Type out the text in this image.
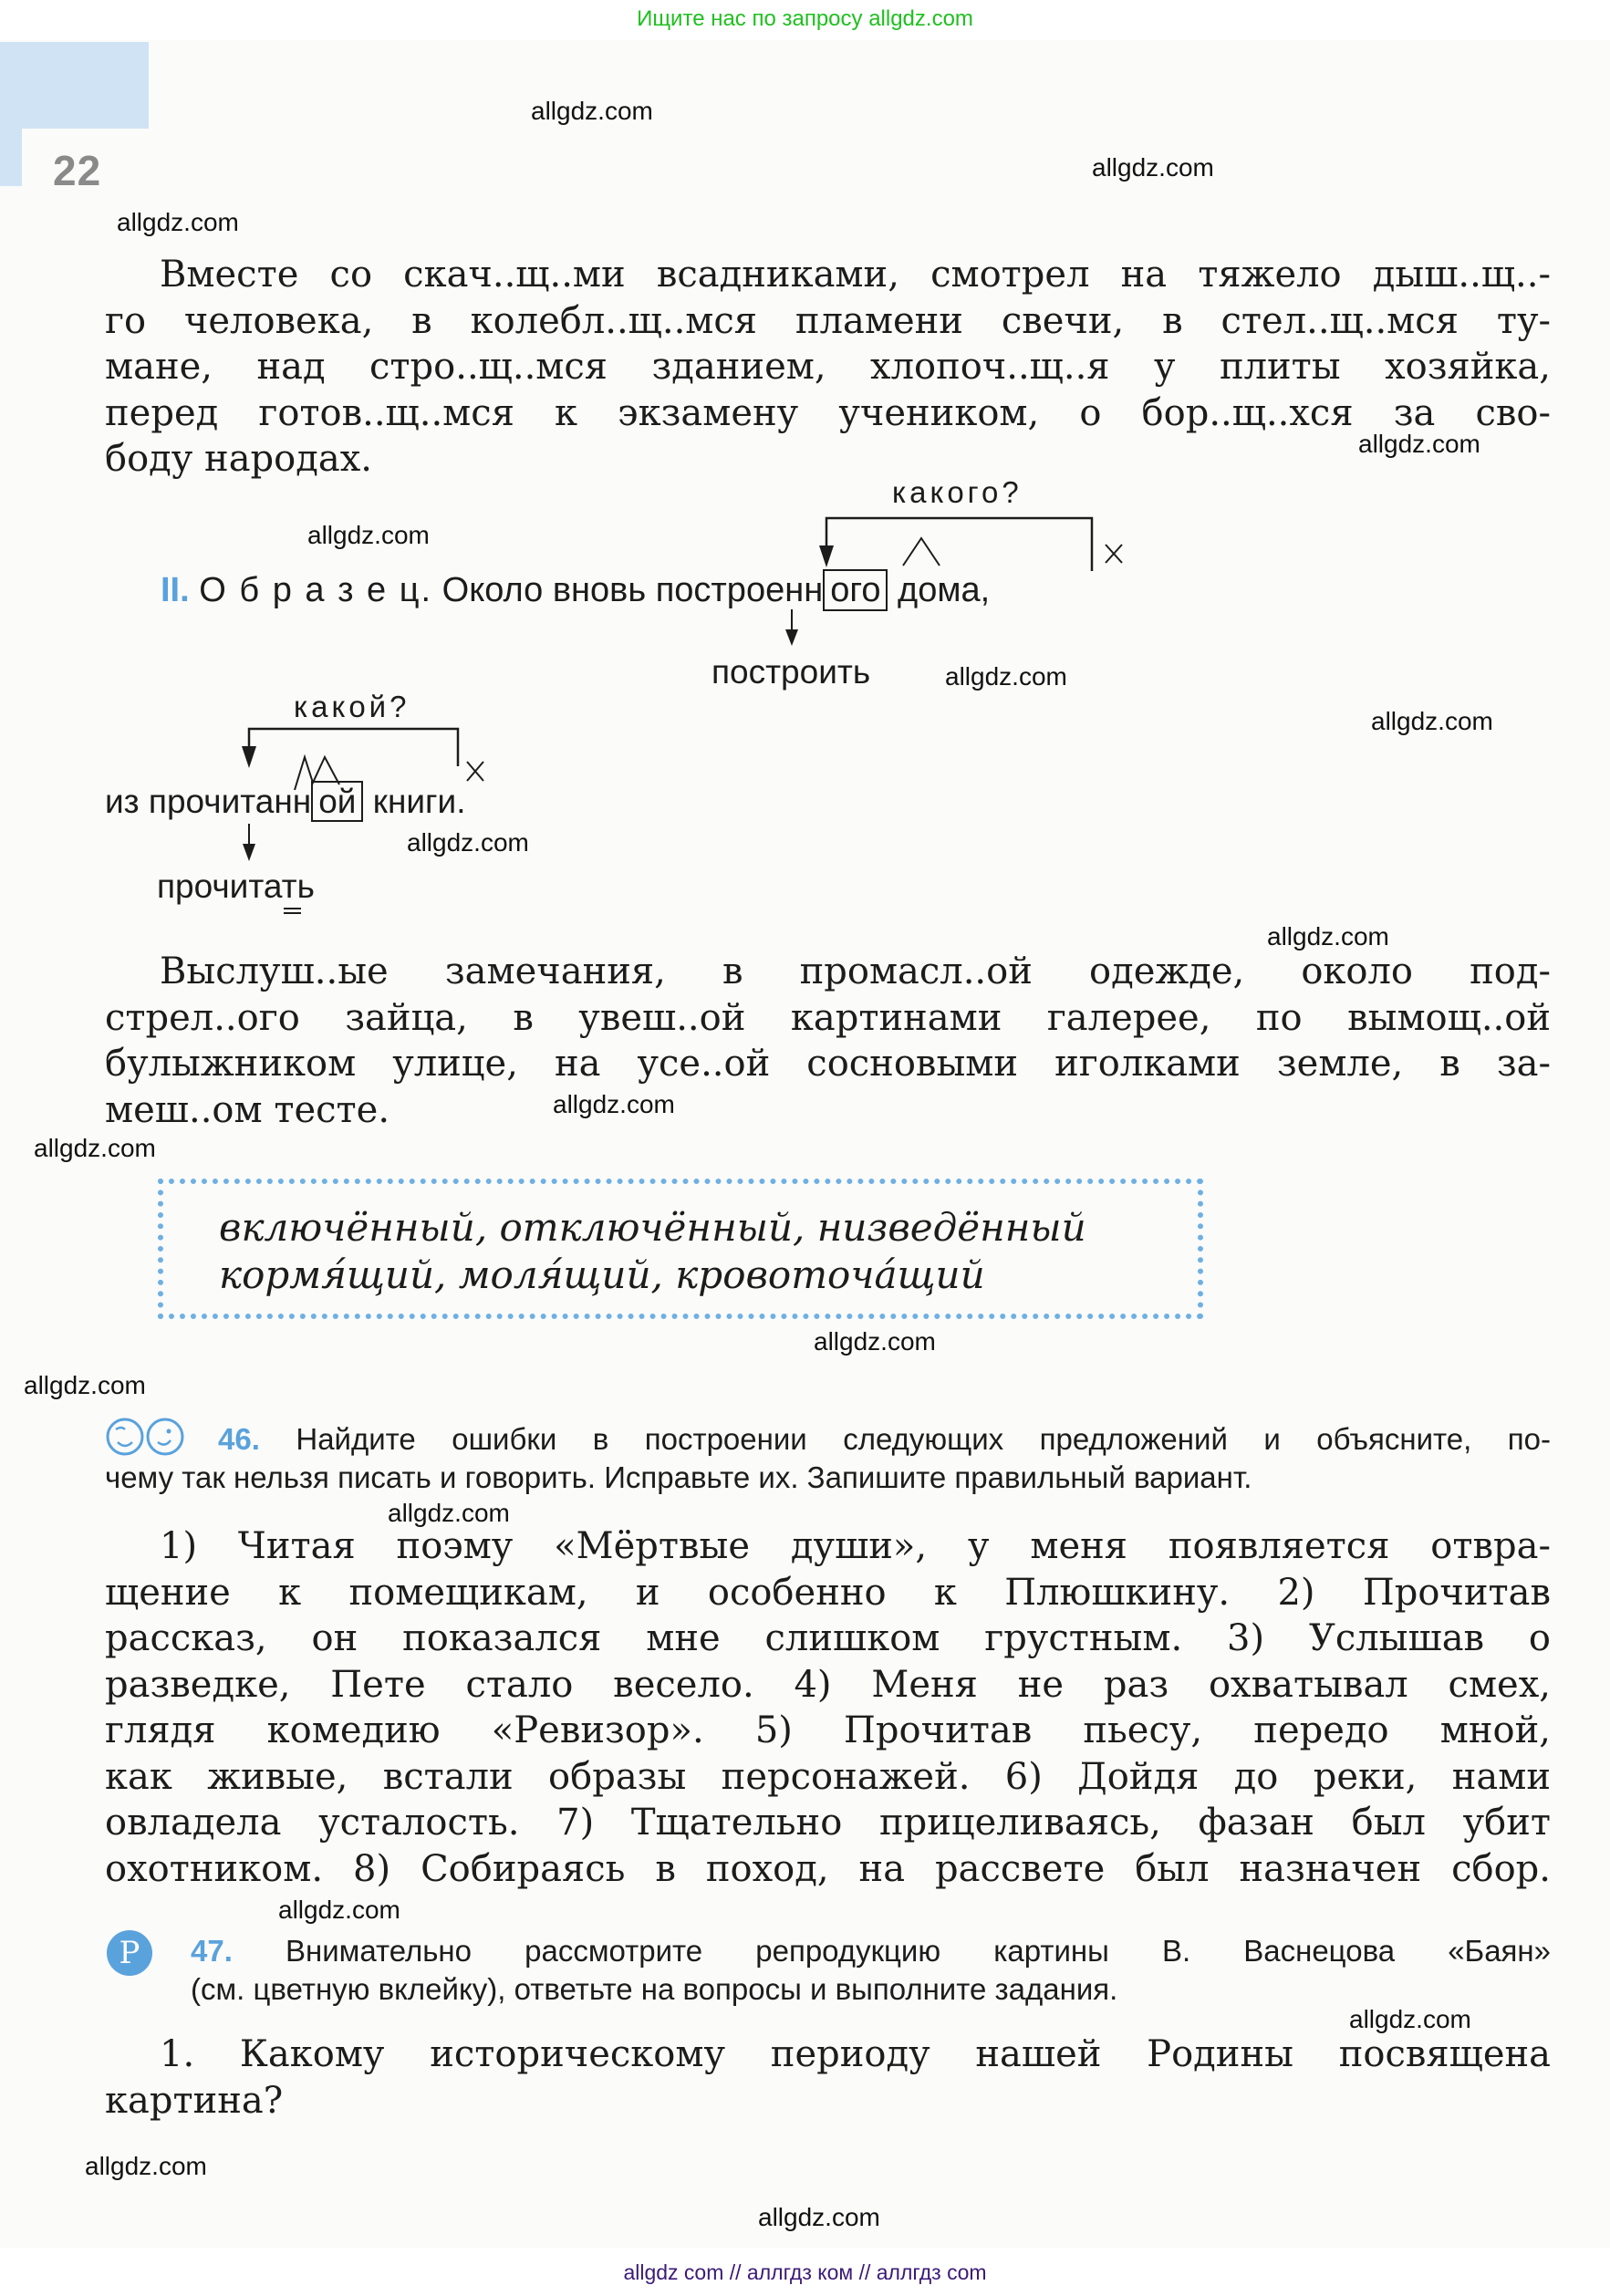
Ищите нас по запросу allgdz.com
22
Вместе со скач..щ..ми всадниками, смотрел на тяжело дыш..щ..-
го человека, в колебл..щ..мся пламени свечи, в стел..щ..мся ту-
мане, над стро..щ..мся зданием, хлопоч..щ..я у плиты хозяйка,
перед готов..щ..мся к экзамену учеником, о бор..щ..хся за сво-
боду народах.
какого?
II. О б р а з е ц. Около вновь построенн ого дома,
построить
какой?
из прочитанн ой книги.
прочитать
Выслуш..ые замечания, в промасл..ой одежде, около под-
стрел..ого зайца, в увеш..ой картинами галерее, по вымощ..ой
булыжником улице, на усе..ой сосновыми иголками земле, в за-
меш..ом тесте.
включённый, отключённый, низведённый
кормя́щий, моля́щий, кровоточа́щий
46. Найдите ошибки в построении следующих предложений и объясните, по-
чему так нельзя писать и говорить. Исправьте их. Запишите правильный вариант.
1) Читая поэму «Мёртвые души», у меня появляется отвра-
щение к помещикам, и особенно к Плюшкину. 2) Прочитав
рассказ, он показался мне слишком грустным. 3) Услышав о
разведке, Пете стало весело. 4) Меня не раз охватывал смех,
глядя комедию «Ревизор». 5) Прочитав пьесу, передо мной,
как живые, встали образы персонажей. 6) Дойдя до реки, нами
овладела усталость. 7) Тщательно прицеливаясь, фазан был убит
охотником. 8) Собираясь в поход, на рассвете был назначен сбор.
Р	47. Внимательно рассмотрите репродукцию картины В. Васнецова «Баян»
(см. цветную вклейку), ответьте на вопросы и выполните задания.
1. Какому историческому периоду нашей Родины посвящена
картина?
allgdz.com
allgdz.com
allgdz.com
allgdz.com
allgdz.com
allgdz.com
allgdz.com
allgdz.com
allgdz.com
allgdz.com
allgdz.com
allgdz.com
allgdz.com
allgdz.com
allgdz.com
allgdz.com
allgdz.com
allgdz.com
allgdz com // аллгдз ком // аллгдз com
